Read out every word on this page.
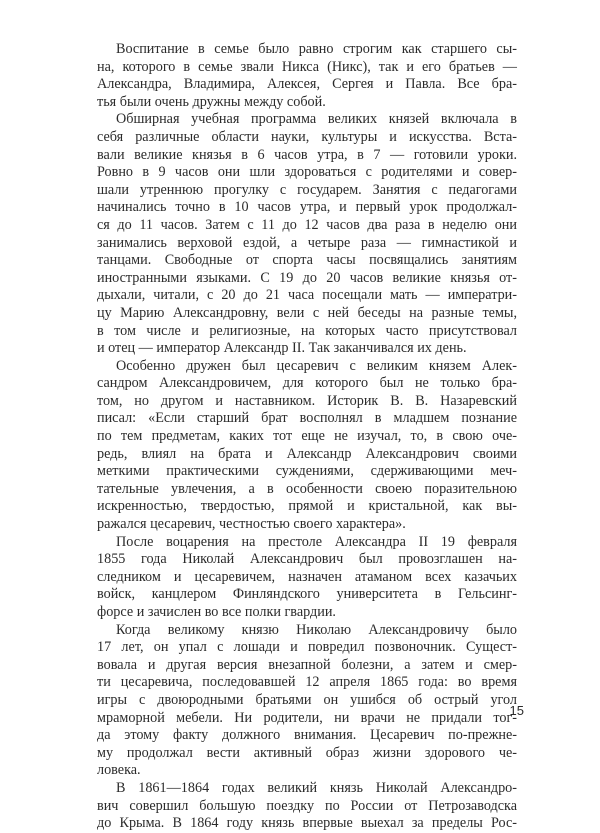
Воспитание в семье было равно строгим как старшего сы-
на, которого в семье звали Никса (Никс), так и его братьев —
Александра, Владимира, Алексея, Сергея и Павла. Все бра-
тья были очень дружны между собой.
Обширная учебная программа великих князей включала в
себя различные области науки, культуры и искусства. Вста-
вали великие князья в 6 часов утра, в 7 — готовили уроки.
Ровно в 9 часов они шли здороваться с родителями и совер-
шали утреннюю прогулку с государем. Занятия с педагогами
начинались точно в 10 часов утра, и первый урок продолжал-
ся до 11 часов. Затем с 11 до 12 часов два раза в неделю они
занимались верховой ездой, а четыре раза — гимнастикой и
танцами. Свободные от спорта часы посвящались занятиям
иностранными языками. С 19 до 20 часов великие князья от-
дыхали, читали, с 20 до 21 часа посещали мать — императри-
цу Марию Александровну, вели с ней беседы на разные темы,
в том числе и религиозные, на которых часто присутствовал
и отец — император Александр II. Так заканчивался их день.
Особенно дружен был цесаревич с великим князем Алек-
сандром Александровичем, для которого был не только бра-
том, но другом и наставником. Историк В. В. Назаревский
писал: «Если старший брат восполнял в младшем познание
по тем предметам, каких тот еще не изучал, то, в свою оче-
редь, влиял на брата и Александр Александрович своими
меткими практическими суждениями, сдерживающими меч-
тательные увлечения, а в особенности своею поразительною
искренностью, твердостью, прямой и кристальной, как вы-
ражался цесаревич, честностью своего характера».
После воцарения на престоле Александра II 19 февраля
1855 года Николай Александрович был провозглашен на-
следником и цесаревичем, назначен атаманом всех казачьих
войск, канцлером Финляндского университета в Гельсинг-
форсе и зачислен во все полки гвардии.
Когда великому князю Николаю Александровичу было
17 лет, он упал с лошади и повредил позвоночник. Сущест-
вовала и другая версия внезапной болезни, а затем и смер-
ти цесаревича, последовавшей 12 апреля 1865 года: во время
игры с двоюродными братьями он ушибся об острый угол
мраморной мебели. Ни родители, ни врачи не придали тог-
да этому факту должного внимания. Цесаревич по-прежне-
му продолжал вести активный образ жизни здорового че-
ловека.
В 1861—1864 годах великий князь Николай Александро-
вич совершил большую поездку по России от Петрозаводска
до Крыма. В 1864 году князь впервые выехал за пределы Рос-
15
